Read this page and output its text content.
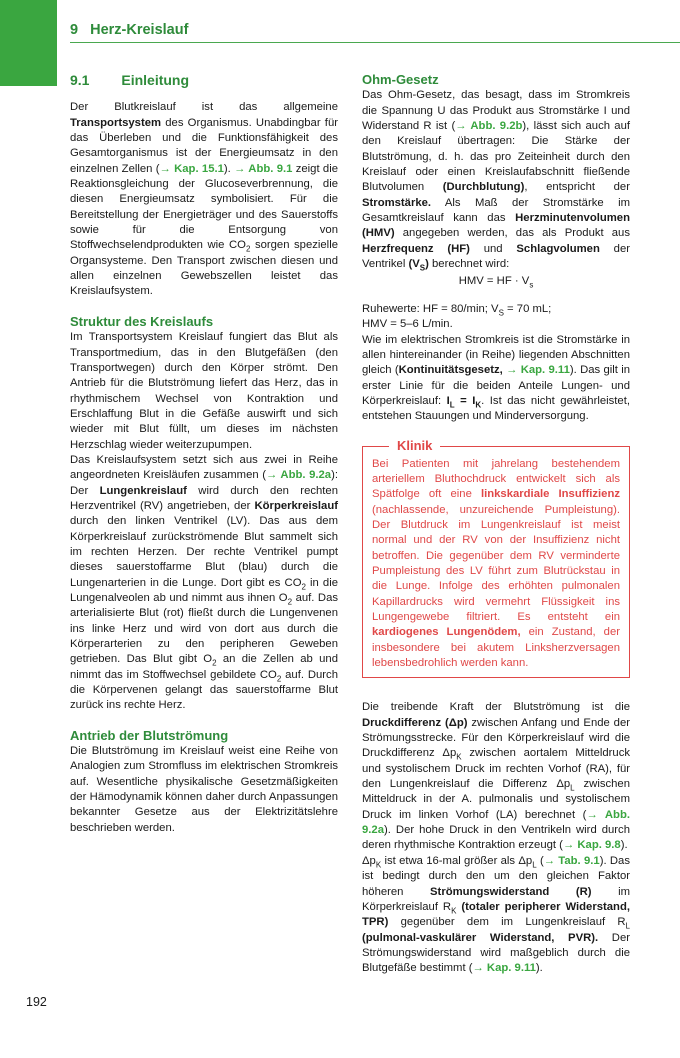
9 Herz-Kreislauf
9.1 Einleitung

Der Blutkreislauf ist das allgemeine Transportsystem des Organismus. Unabdingbar für das Überleben und die Funktionsfähigkeit des Gesamtorganismus ist der Energieumsatz in den einzelnen Zellen (→ Kap. 15.1). → Abb. 9.1 zeigt die Reaktionsgleichung der Glucoseverbrennung, die diesen Energieumsatz symbolisiert. Für die Bereitstellung der Energieträger und des Sauerstoffs sowie für die Entsorgung von Stoffwechselendprodukten wie $CO_2$ sorgen spezielle Organsysteme. Den Transport zwischen diesen und allen einzelnen Gewebszellen leistet das Kreislaufsystem.

Struktur des Kreislaufs

Im Transportsystem Kreislauf fungiert das Blut als Transportmedium, das in den Blutgefäßen (den Transportwegen) durch den Körper strömt. Den Antrieb für die Blutströmung liefert das Herz, das in rhythmischem Wechsel von Kontraktion und Erschlaffung Blut in die Gefäße auswirft und sich wieder mit Blut füllt, um dieses im nächsten Herzschlag wieder weiterzupumpen.

Das Kreislaufsystem setzt sich aus zwei in Reihe angeordneten Kreisläufen zusammen (→ Abb. 9.2a): Der Lungenkreislauf wird durch den rechten Herzventrikel (RV) angetrieben, der Körperkreislauf durch den linken Ventrikel (LV). Das aus dem Körperkreislauf zurückströmende Blut sammelt sich im rechten Herzen. Der rechte Ventrikel pumpt dieses sauerstoffarme Blut (blau) durch die Lungenarterien in die Lunge. Dort gibt es $CO_2$ in die Lungenalveolen ab und nimmt aus ihnen $O_2$ auf. Das arterialisierte Blut (rot) fließt durch die Lungenvenen ins linke Herz und wird von dort aus durch die Körperarterien zu den peripheren Geweben getrieben. Das Blut gibt $O_2$ an die Zellen ab und nimmt das im Stoffwechsel gebildete $CO_2$ auf. Durch die Körpervenen gelangt das sauerstoffarme Blut zurück ins rechte Herz.

Antrieb der Blutströmung

Die Blutströmung im Kreislauf weist eine Reihe von Analogien zum Stromfluss im elektrischen Stromkreis auf. Wesentliche physikalische Gesetzmäßigkeiten der Hämodynamik können daher durch Anpassungen bekannter Gesetze aus der Elektrizitätslehre beschrieben werden.

Ohm-Gesetz

Das Ohm-Gesetz, das besagt, dass im Stromkreis die Spannung U das Produkt aus Stromstärke I und Widerstand R ist (→ Abb. 9.2b), lässt sich auch auf den Kreislauf übertragen: Die Stärke der Blutströmung, d. h. das pro Zeiteinheit durch den Kreislauf oder einen Kreislaufabschnitt fließende Blutvolumen (Durchblutung), entspricht der Stromstärke. Als Maß der Stromstärke im Gesamtkreislauf kann das Herzminutenvolumen (HMV) angegeben werden, das als Produkt aus Herzfrequenz (HF) und Schlagvolumen der Ventrikel $(V_S)$ berechnet wird:

HMV = HF · $V_s$

Ruhewerte: HF = 80/min; $V_S = 70$ mL;

HMV = 5–6 L/min.

Wie im elektrischen Stromkreis ist die Stromstärke in allen hintereinander (in Reihe) liegenden Abschnitten gleich (Kontinuitätsgesetz, → Kap. 9.11). Das gilt in erster Linie für die beiden Anteile Lungen- und Körperkreislauf: $I_L = I_K$. Ist das nicht gewährleistet, entstehen Stauungen und Minderversorgung.

Klinik

Bei Patienten mit jahrelang bestehendem arteriellem Bluthochdruck entwickelt sich als Spätfolge oft eine linkskardiale Insuffizienz (nachlassende, unzureichende Pumpleistung). Der Blutdruck im Lungenkreislauf ist meist normal und der RV von der Insuffizienz nicht betroffen. Die gegenüber dem RV verminderte Pumpleistung des LV führt zum Blutrückstau in die Lunge. Infolge des erhöhten pulmonalen Kapillardrucks wird vermehrt Flüssigkeit ins Lungengewebe filtriert. Es entsteht ein kardiogenes Lungenödem, ein Zustand, der insbesondere bei akutem Linksherzversagen lebensbedrohlich werden kann.

Die treibende Kraft der Blutströmung ist die Druckdifferenz (Δp) zwischen Anfang und Ende der Strömungsstrecke. Für den Körperkreislauf wird die Druckdifferenz $\Delta p_K$ zwischen aortalem Mitteldruck und systolischem Druck im rechten Vorhof (RA), für den Lungenkreislauf die Differenz $\Delta p_L$ zwischen Mitteldruck in der A. pulmonalis und systolischem Druck im linken Vorhof (LA) berechnet (→ Abb. 9.2a). Der hohe Druck in den Ventrikeln wird durch deren rhythmische Kontraktion erzeugt (→ Kap. 9.8).

$\Delta p_K$ ist etwa 16-mal größer als $\Delta p_L$ (→ Tab. 9.1). Das ist bedingt durch den um den gleichen Faktor höheren Strömungswiderstand (R) im Körperkreislauf $R_K$ (totaler peripherer Widerstand, TPR) gegenüber dem im Lungenkreislauf $R_L$ (pulmonal-vaskulärer Widerstand, PVR). Der Strömungswiderstand wird maßgeblich durch die Blutgefäße bestimmt (→ Kap. 9.11).

192
